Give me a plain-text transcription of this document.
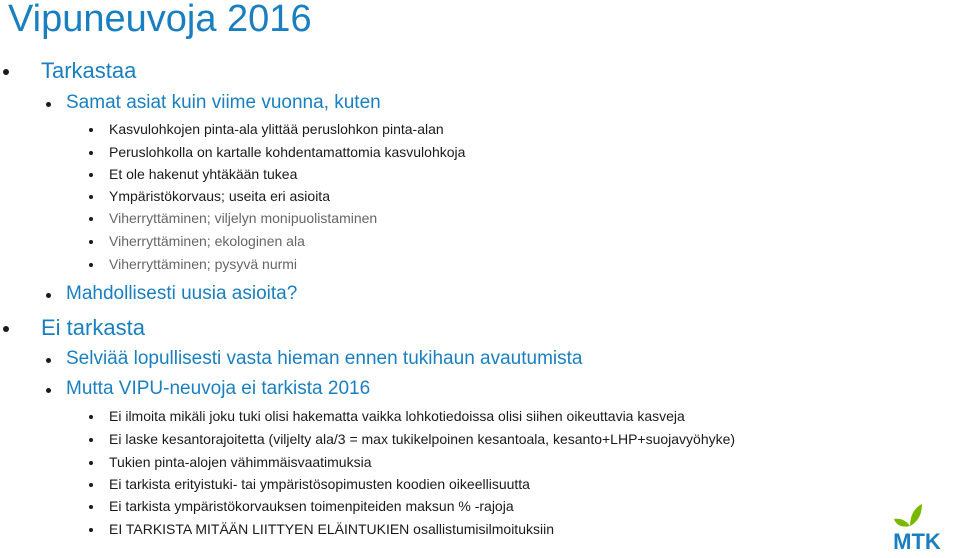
Vipuneuvoja 2016
Tarkastaa
Samat asiat kuin viime vuonna, kuten
Kasvulohkojen pinta-ala ylittää peruslohkon pinta-alan
Peruslohkolla on kartalle kohdentamattomia kasvulohkoja
Et ole hakenut yhtäkään tukea
Ympäristökorvaus; useita eri asioita
Viherryttäminen; viljelyn monipuolistaminen
Viherryttäminen; ekologinen ala
Viherryttäminen; pysyvä nurmi
Mahdollisesti uusia asioita?
Ei tarkasta
Selviää lopullisesti vasta hieman ennen tukihaun avautumista
Mutta VIPU-neuvoja ei tarkista 2016
Ei ilmoita mikäli joku tuki olisi hakematta vaikka lohkotiedoissa olisi siihen oikeuttavia kasveja
Ei laske kesantorajoitetta (viljelty ala/3 = max tukikelpoinen kesantoala, kesanto+LHP+suojavyöhyke)
Tukien pinta-alojen vähimmäisvaatimuksia
Ei tarkista erityistuki- tai ympäristösopimusten koodien oikeellisuutta
Ei tarkista ympäristökorvauksen toimenpiteiden maksun % -rajoja
EI TARKISTA MITÄÄN LIITTYEN ELÄINTUKIEN osallistumisilmoituksiin	MTK
